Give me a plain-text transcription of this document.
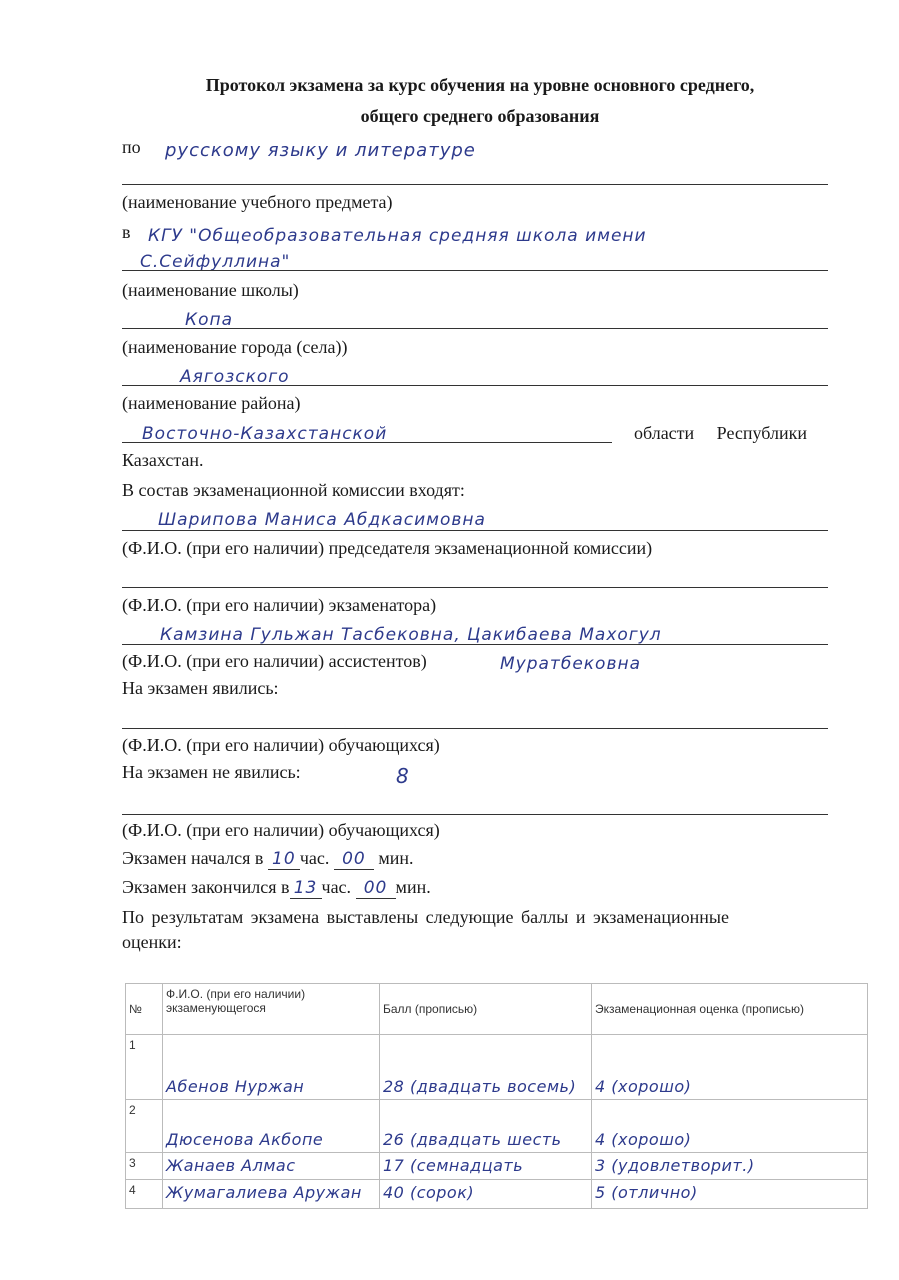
Протокол экзамена за курс обучения на уровне основного среднего,
общего среднего образования
по русскому языку и литературе
(наименование учебного предмета)
в КГУ "Общеобразовательная средняя школа имени
С.Сейфуллина"
(наименование школы)
Копа
(наименование города (села))
Аягозского
(наименование района)
Восточно-Казахстанской	области Республики
Казахстан.
В состав экзаменационной комиссии входят:
Шарипова Маниса Абдкасимовна
(Ф.И.О. (при его наличии) председателя экзаменационной комиссии)
(Ф.И.О. (при его наличии) экзаменатора)
Камзина Гульжан Тасбековна, Цакибаева Махогул
(Ф.И.О. (при его наличии) ассистентов)	Муратбековна
На экзамен явились:
(Ф.И.О. (при его наличии) обучающихся)
На экзамен не явились:	8
(Ф.И.О. (при его наличии) обучающихся)
Экзамен начался в 10 час. 00 мин.
Экзамен закончился в 13 час. 00 мин.
По результатам экзамена выставлены следующие баллы и экзаменационные
оценки:
№	Ф.И.О. (при его наличии) экзаменующегося	Балл (прописью)	Экзаменационная оценка (прописью)
1	Абенов Нуржан	28 (двадцать восемь)	4 (хорошо)
2	Дюсенова Акбопе	26 (двадцать шесть	4 (хорошо)
3	Жанаев Алмас	17 (семнадцать	3 (удовлетворит.)
4	Жумагалиева Аружан	40 (сорок)	5 (отлично)
